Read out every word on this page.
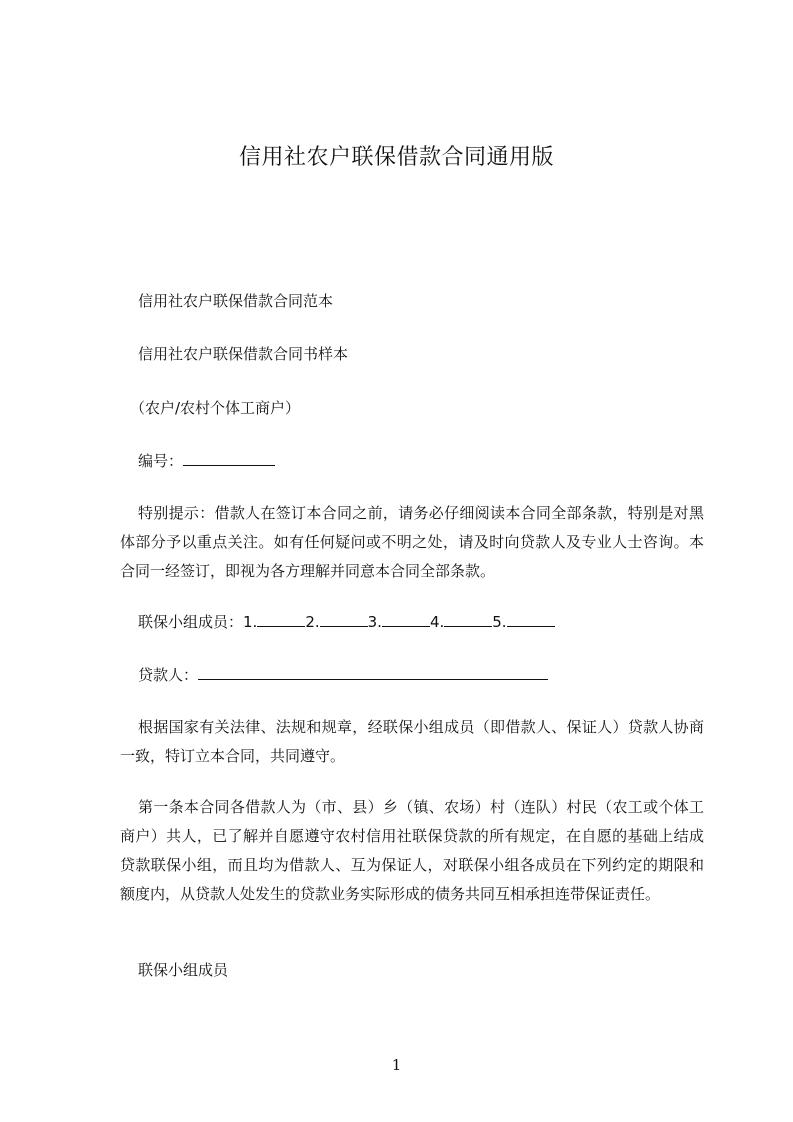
信用社农户联保借款合同通用版
信用社农户联保借款合同范本
信用社农户联保借款合同书样本
（农户/农村个体工商户）
编号：
特别提示：借款人在签订本合同之前，请务必仔细阅读本合同全部条款，特别是对黑体部分予以重点关注。如有任何疑问或不明之处，请及时向贷款人及专业人士咨询。本合同一经签订，即视为各方理解并同意本合同全部条款。
联保小组成员：1.	2.	3.	4.	5.
贷款人：
根据国家有关法律、法规和规章，经联保小组成员（即借款人、保证人）贷款人协商一致，特订立本合同，共同遵守。
第一条本合同各借款人为（市、县）乡（镇、农场）村（连队）村民（农工或个体工商户）共人，已了解并自愿遵守农村信用社联保贷款的所有规定，在自愿的基础上结成贷款联保小组，而且均为借款人、互为保证人，对联保小组各成员在下列约定的期限和额度内，从贷款人处发生的贷款业务实际形成的债务共同互相承担连带保证责任。
联保小组成员
1
